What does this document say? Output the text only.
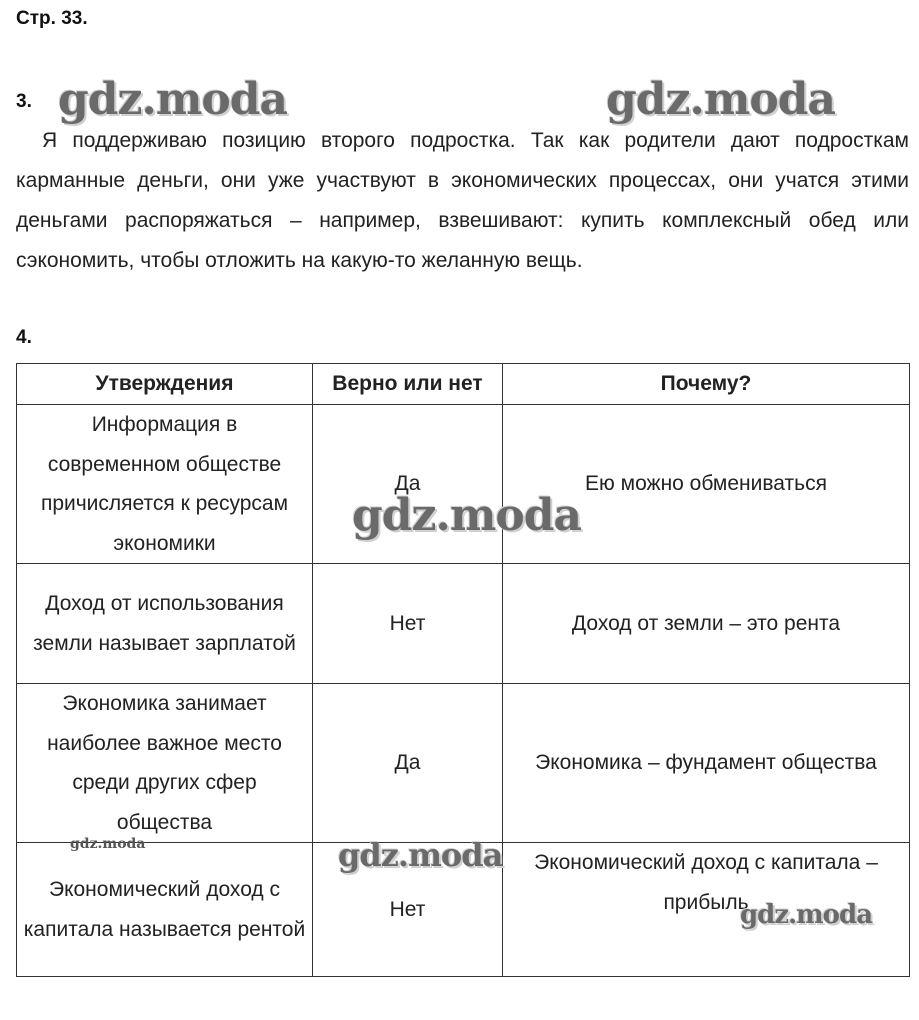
Стр. 33.
3.
Я поддерживаю позицию второго подростка. Так как родители дают подросткам карманные деньги, они уже участвуют в экономических процессах, они учатся этими деньгами распоряжаться – например, взвешивают: купить комплексный обед или сэкономить, чтобы отложить на какую-то желанную вещь.
4.
Утверждения	Верно или нет	Почему?
Информация в современном обществе причисляется к ресурсам экономики	Да	Ею можно обмениваться
Доход от использования земли называет зарплатой	Нет	Доход от земли – это рента
Экономика занимает наиболее важное место среди других сфер общества	Да	Экономика – фундамент общества
Экономический доход с капитала называется рентой	Нет	Экономический доход с капитала – прибыль
gdz.moda	gdz.moda
gdz.moda
gdz.moda
gdz.moda
gdz.moda
